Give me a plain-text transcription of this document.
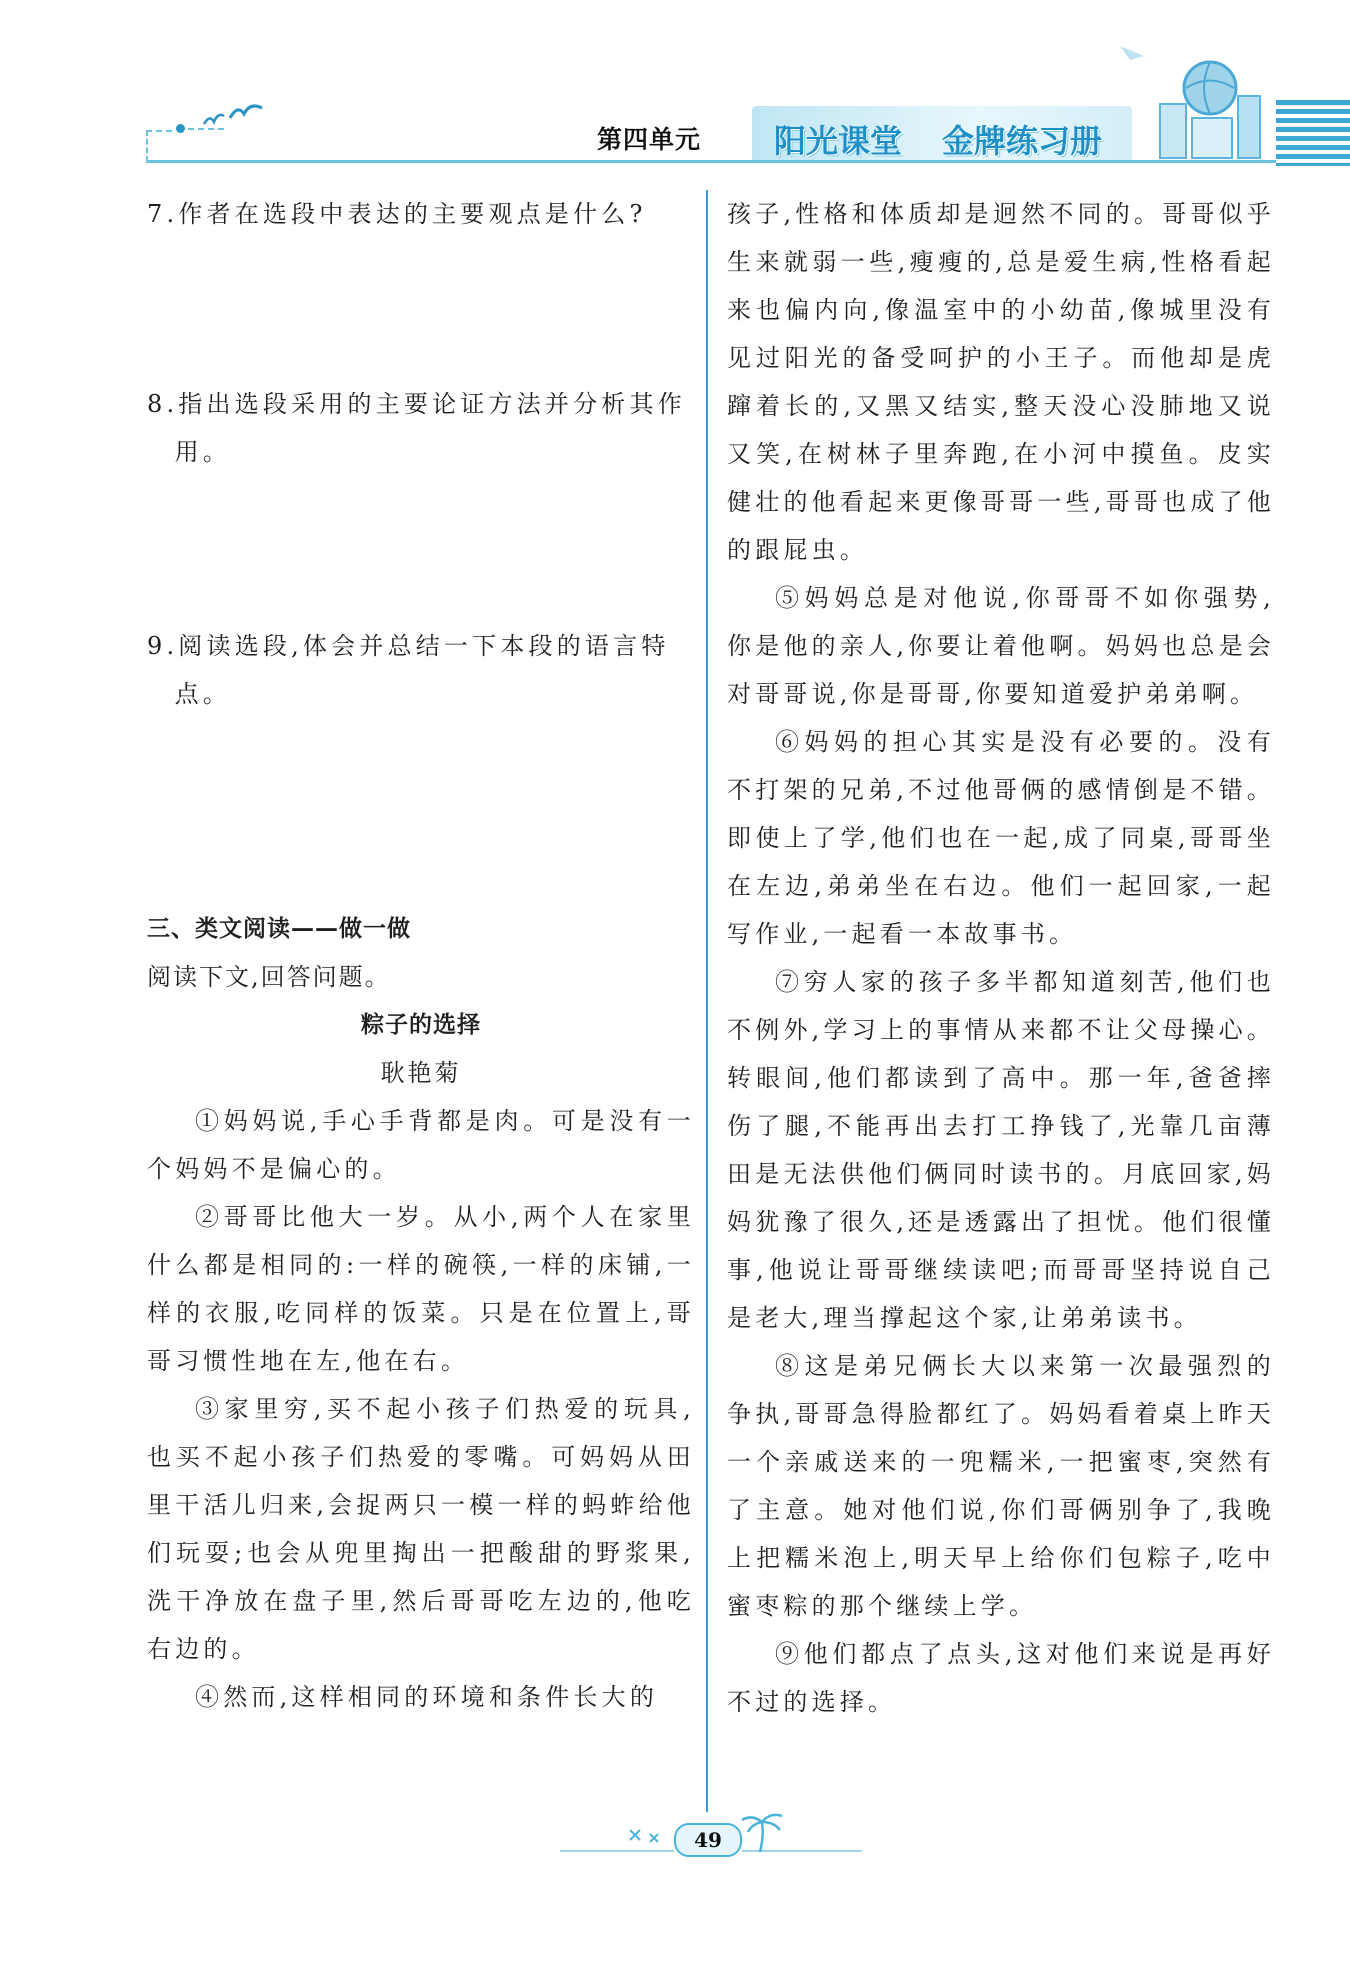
第四单元 阳光课堂 金牌练习册
7.作者在选段中表达的主要观点是什么?
8.指出选段采用的主要论证方法并分析其作用。
9.阅读选段,体会并总结一下本段的语言特点。
三、类文阅读——做一做
阅读下文,回答问题。
粽子的选择
耿艳菊

①妈妈说,手心手背都是肉。可是没有一个妈妈不是偏心的。

②哥哥比他大一岁。从小,两个人在家里什么都是相同的:一样的碗筷,一样的床铺,一样的衣服,吃同样的饭菜。只是在位置上,哥哥习惯性地在左,他在右。

③家里穷,买不起小孩子们热爱的玩具,也买不起小孩子们热爱的零嘴。可妈妈从田里干活儿归来,会捉两只一模一样的蚂蚱给他们玩耍;也会从兜里掏出一把酸甜的野浆果,洗干净放在盘子里,然后哥哥吃左边的,他吃右边的。

④然而,这样相同的环境和条件长大的

孩子,性格和体质却是迥然不同的。哥哥似乎生来就弱一些,瘦瘦的,总是爱生病,性格看起来也偏内向,像温室中的小幼苗,像城里没有见过阳光的备受呵护的小王子。而他却是虎蹿着长的,又黑又结实,整天没心没肺地又说又笑,在树林子里奔跑,在小河中摸鱼。皮实健壮的他看起来更像哥哥一些,哥哥也成了他的跟屁虫。

⑤妈妈总是对他说,你哥哥不如你强势,你是他的亲人,你要让着他啊。妈妈也总是会对哥哥说,你是哥哥,你要知道爱护弟弟啊。

⑥妈妈的担心其实是没有必要的。没有不打架的兄弟,不过他哥俩的感情倒是不错。即使上了学,他们也在一起,成了同桌,哥哥坐在左边,弟弟坐在右边。他们一起回家,一起写作业,一起看一本故事书。

⑦穷人家的孩子多半都知道刻苦,他们也不例外,学习上的事情从来都不让父母操心。转眼间,他们都读到了高中。那一年,爸爸摔伤了腿,不能再出去打工挣钱了,光靠几亩薄田是无法供他们俩同时读书的。月底回家,妈妈犹豫了很久,还是透露出了担忧。他们很懂事,他说让哥哥继续读吧;而哥哥坚持说自己是老大,理当撑起这个家,让弟弟读书。

⑧这是弟兄俩长大以来第一次最强烈的争执,哥哥急得脸都红了。妈妈看着桌上昨天一个亲戚送来的一兜糯米,一把蜜枣,突然有了主意。她对他们说,你们哥俩别争了,我晚上把糯米泡上,明天早上给你们包粽子,吃中蜜枣粽的那个继续上学。

⑨他们都点了点头,这对他们来说是再好不过的选择。

49
